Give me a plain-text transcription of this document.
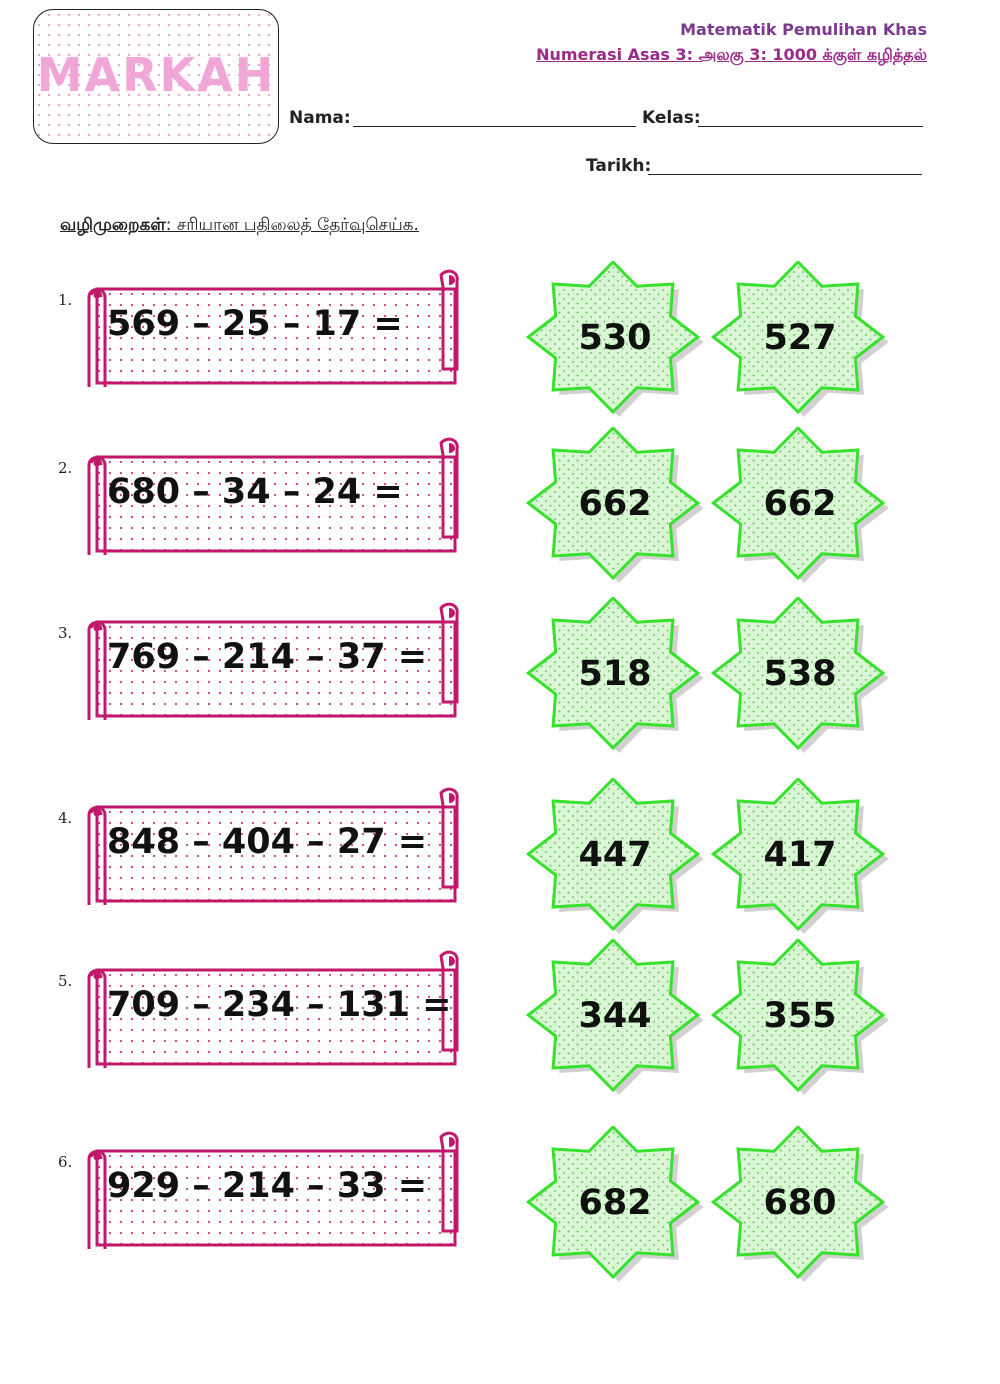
MARKAH
Matematik Pemulihan Khas
Numerasi Asas 3: அலகு 3: 1000 க்குள் கழித்தல்
Nama:	Kelas:
Tarikh:
வழிமுறைகள்: சரியான பதிலைத் தேர்வுசெய்க.
1.
569 – 25 – 17 =	530	527
2.
680 – 34 – 24 =	662	662
3.
769 – 214 – 37 =	518	538
4.
848 – 404 – 27 =	447	417
5.
709 – 234 – 131 =	344	355
6.
929 – 214 – 33 =	682	680
